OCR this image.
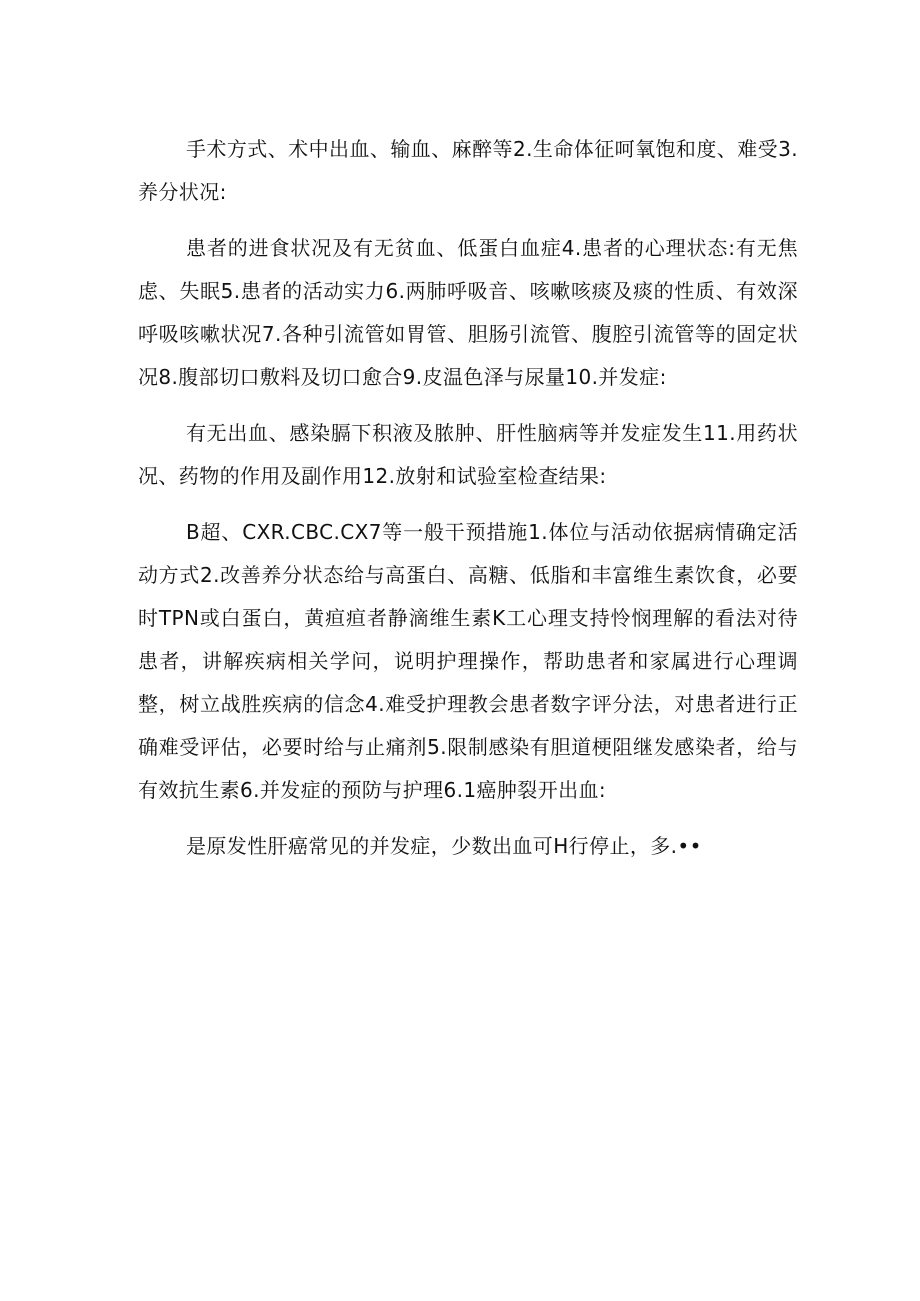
手术方式、术中出血、输血、麻醉等2.生命体征呵氧饱和度、难受3.养分状况:

患者的进食状况及有无贫血、低蛋白血症4.患者的心理状态:有无焦虑、失眠5.患者的活动实力6.两肺呼吸音、咳嗽咳痰及痰的性质、有效深呼吸咳嗽状况7.各种引流管如胃管、胆肠引流管、腹腔引流管等的固定状况8.腹部切口敷料及切口愈合9.皮温色泽与尿量10.并发症:

有无出血、感染膈下积液及脓肿、肝性脑病等并发症发生11.用药状况、药物的作用及副作用12.放射和试验室检查结果:

B超、CXR.CBC.CX7等一般干预措施1.体位与活动依据病情确定活动方式2.改善养分状态给与高蛋白、高糖、低脂和丰富维生素饮食，必要时TPN或白蛋白，黄疸疸者静滴维生素K工心理支持怜悯理解的看法对待患者，讲解疾病相关学问，说明护理操作，帮助患者和家属进行心理调整，树立战胜疾病的信念4.难受护理教会患者数字评分法，对患者进行正确难受评估，必要时给与止痛剂5.限制感染有胆道梗阻继发感染者，给与有效抗生素6.并发症的预防与护理6.1癌肿裂开出血:

是原发性肝癌常见的并发症，少数出血可H行停止，多.••
